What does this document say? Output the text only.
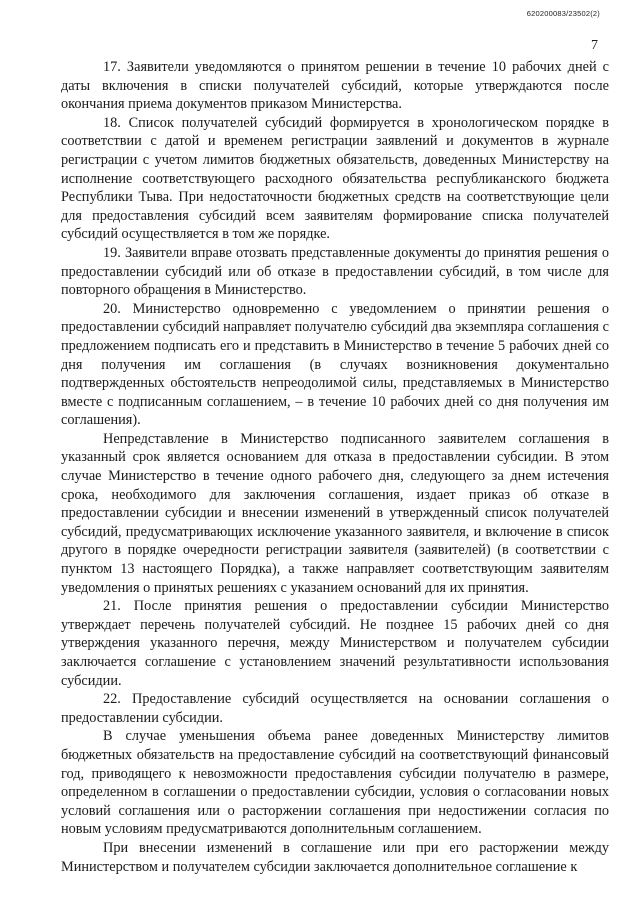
620200083/23502(2)
7

17. Заявители уведомляются о принятом решении в течение 10 рабочих дней с даты включения в списки получателей субсидий, которые утверждаются после окончания приема документов приказом Министерства.

18. Список получателей субсидий формируется в хронологическом порядке в соответствии с датой и временем регистрации заявлений и документов в журнале регистрации с учетом лимитов бюджетных обязательств, доведенных Министерству на исполнение соответствующего расходного обязательства республиканского бюджета Республики Тыва. При недостаточности бюджетных средств на соответствующие цели для предоставления субсидий всем заявителям формирование списка получателей субсидий осуществляется в том же порядке.

19. Заявители вправе отозвать представленные документы до принятия решения о предоставлении субсидий или об отказе в предоставлении субсидий, в том числе для повторного обращения в Министерство.

20. Министерство одновременно с уведомлением о принятии решения о предоставлении субсидий направляет получателю субсидий два экземпляра соглашения с предложением подписать его и представить в Министерство в течение 5 рабочих дней со дня получения им соглашения (в случаях возникновения документально подтвержденных обстоятельств непреодолимой силы, представляемых в Министерство вместе с подписанным соглашением, – в течение 10 рабочих дней со дня получения им соглашения).

Непредставление в Министерство подписанного заявителем соглашения в указанный срок является основанием для отказа в предоставлении субсидии. В этом случае Министерство в течение одного рабочего дня, следующего за днем истечения срока, необходимого для заключения соглашения, издает приказ об отказе в предоставлении субсидии и внесении изменений в утвержденный список получателей субсидий, предусматривающих исключение указанного заявителя, и включение в список другого в порядке очередности регистрации заявителя (заявителей) (в соответствии с пунктом 13 настоящего Порядка), а также направляет соответствующим заявителям уведомления о принятых решениях с указанием оснований для их принятия.

21. После принятия решения о предоставлении субсидии Министерство утверждает перечень получателей субсидий. Не позднее 15 рабочих дней со дня утверждения указанного перечня, между Министерством и получателем субсидии заключается соглашение с установлением значений результативности использования субсидии.

22. Предоставление субсидий осуществляется на основании соглашения о предоставлении субсидии.

В случае уменьшения объема ранее доведенных Министерству лимитов бюджетных обязательств на предоставление субсидий на соответствующий финансовый год, приводящего к невозможности предоставления субсидии получателю в размере, определенном в соглашении о предоставлении субсидии, условия о согласовании новых условий соглашения или о расторжении соглашения при недостижении согласия по новым условиям предусматриваются дополнительным соглашением.

При внесении изменений в соглашение или при его расторжении между Министерством и получателем субсидии заключается дополнительное соглашение к
